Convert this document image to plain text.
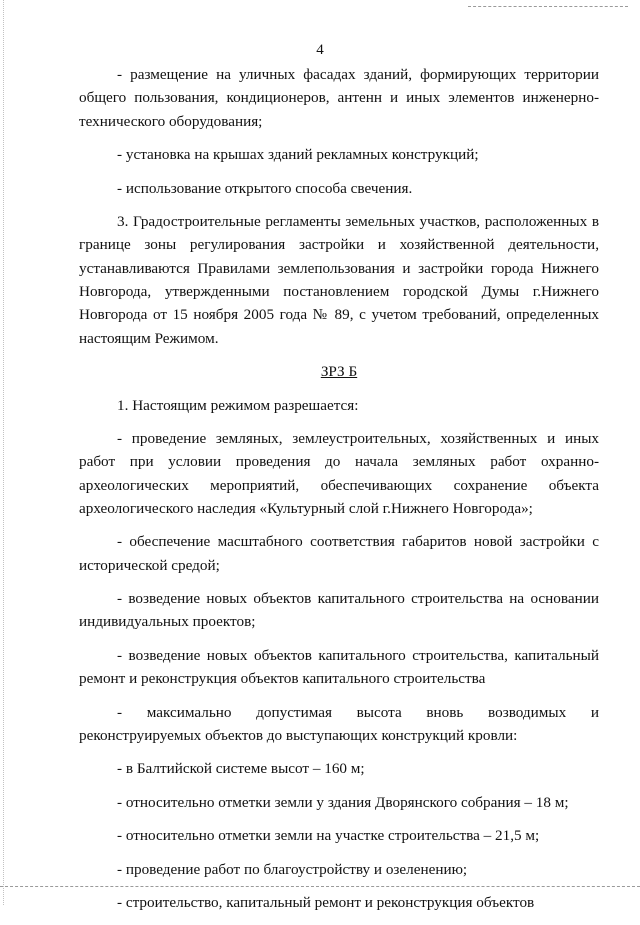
4

- размещение на уличных фасадах зданий, формирующих территории общего пользования, кондиционеров, антенн и иных элементов инженерно-технического оборудования;

- установка на крышах зданий рекламных конструкций;

- использование открытого способа свечения.

3. Градостроительные регламенты земельных участков, расположенных в границе зоны регулирования застройки и хозяйственной деятельности, устанавливаются Правилами землепользования и застройки города Нижнего Новгорода, утвержденными постановлением городской Думы г.Нижнего Новгорода от 15 ноября 2005 года № 89, с учетом требований, определенных настоящим Режимом.

ЗРЗ Б

1. Настоящим режимом разрешается:

- проведение земляных, землеустроительных, хозяйственных и иных работ при условии проведения до начала земляных работ охранно-археологических мероприятий, обеспечивающих сохранение объекта археологического наследия «Культурный слой г.Нижнего Новгорода»;

- обеспечение масштабного соответствия габаритов новой застройки с исторической средой;

- возведение новых объектов капитального строительства на основании индивидуальных проектов;

- возведение новых объектов капитального строительства, капитальный ремонт и реконструкция объектов капитального строительства

- максимально допустимая высота вновь возводимых и реконструируемых объектов до выступающих конструкций кровли:

- в Балтийской системе высот – 160 м;

- относительно отметки земли у здания Дворянского собрания – 18 м;

- относительно отметки земли на участке строительства – 21,5 м;

- проведение работ по благоустройству и озеленению;

- строительство, капитальный ремонт и реконструкция объектов
